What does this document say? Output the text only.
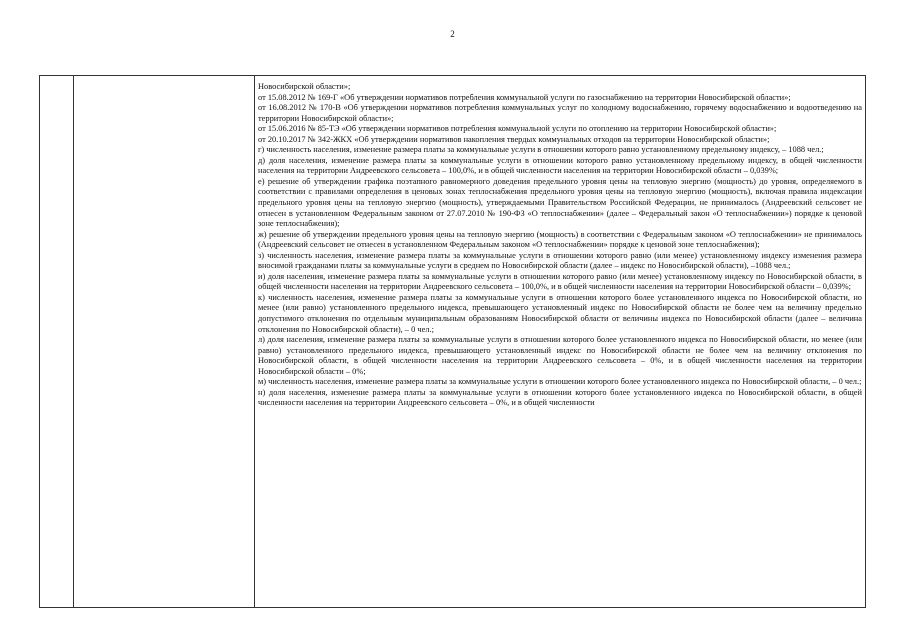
2

Новосибирской области»;

от 15.08.2012 № 169-Г «Об утверждении нормативов потребления коммунальной услуги по газоснабжению на территории Новосибирской области»;

от 16.08.2012 № 170-В «Об утверждении нормативов потребления коммунальных услуг по холодному водоснабжению, горячему водоснабжению и водоотведению на территории Новосибирской области»;

от 15.06.2016 № 85-ТЭ «Об утверждении нормативов потребления коммунальной услуги по отоплению на территории Новосибирской области»;

от 20.10.2017 № 342-ЖКХ «Об утверждении нормативов накопления твердых коммунальных отходов на территории Новосибирской области»;

г) численность населения, изменение размера платы за коммунальные услуги в отношении которого равно установленному предельному индексу, – 1088 чел.;

д) доля населения, изменение размера платы за коммунальные услуги в отношении которого равно установленному предельному индексу, в общей численности населения на территории Андреевского сельсовета – 100,0%, и в общей численности населения на территории Новосибирской области – 0,039%;

е) решение об утверждении графика поэтапного равномерного доведения предельного уровня цены на тепловую энергию (мощность) до уровня, определяемого в соответствии с правилами определения в ценовых зонах теплоснабжения предельного уровня цены на тепловую энергию (мощность), включая правила индексации предельного уровня цены на тепловую энергию (мощность), утверждаемыми Правительством Российской Федерации, не принималось (Андреевский сельсовет не отнесен в установленном Федеральным законом от 27.07.2010 № 190-ФЗ «О теплоснабжении» (далее – Федеральный закон «О теплоснабжении») порядке к ценовой зоне теплоснабжения);

ж) решение об утверждении предельного уровня цены на тепловую энергию (мощность) в соответствии с Федеральным законом «О теплоснабжении» не принималось (Андреевский сельсовет не отнесен в установленном Федеральным законом «О теплоснабжении» порядке к ценовой зоне теплоснабжения);

з) численность населения, изменение размера платы за коммунальные услуги в отношении которого равно (или менее) установленному индексу изменения размера вносимой гражданами платы за коммунальные услуги в среднем по Новосибирской области (далее – индекс по Новосибирской области), –1088 чел.;

и) доля населения, изменение размера платы за коммунальные услуги в отношении которого равно (или менее) установленному индексу по Новосибирской области, в общей численности населения на территории Андреевского сельсовета – 100,0%, и в общей численности населения на территории Новосибирской области – 0,039%;

к) численность населения, изменение размера платы за коммунальные услуги в отношении которого более установленного индекса по Новосибирской области, но менее (или равно) установленного предельного индекса, превышающего установленный индекс по Новосибирской области не более чем на величину предельно допустимого отклонения по отдельным муниципальным образованиям Новосибирской области от величины индекса по Новосибирской области (далее – величина отклонения по Новосибирской области), – 0 чел.;

л) доля населения, изменение размера платы за коммунальные услуги в отношении которого более установленного индекса по Новосибирской области, но менее (или равно) установленного предельного индекса, превышающего установленный индекс по Новосибирской области не более чем на величину отклонения по Новосибирской области, в общей численности населения на территории Андреевского сельсовета – 0%, и в общей численности населения на территории Новосибирской области – 0%;

м) численность населения, изменение размера платы за коммунальные услуги в отношении которого более установленного индекса по Новосибирской области, – 0 чел.;

н) доля населения, изменение размера платы за коммунальные услуги в отношении которого более установленного индекса по Новосибирской области, в общей численности населения на территории Андреевского сельсовета – 0%, и в общей численности
